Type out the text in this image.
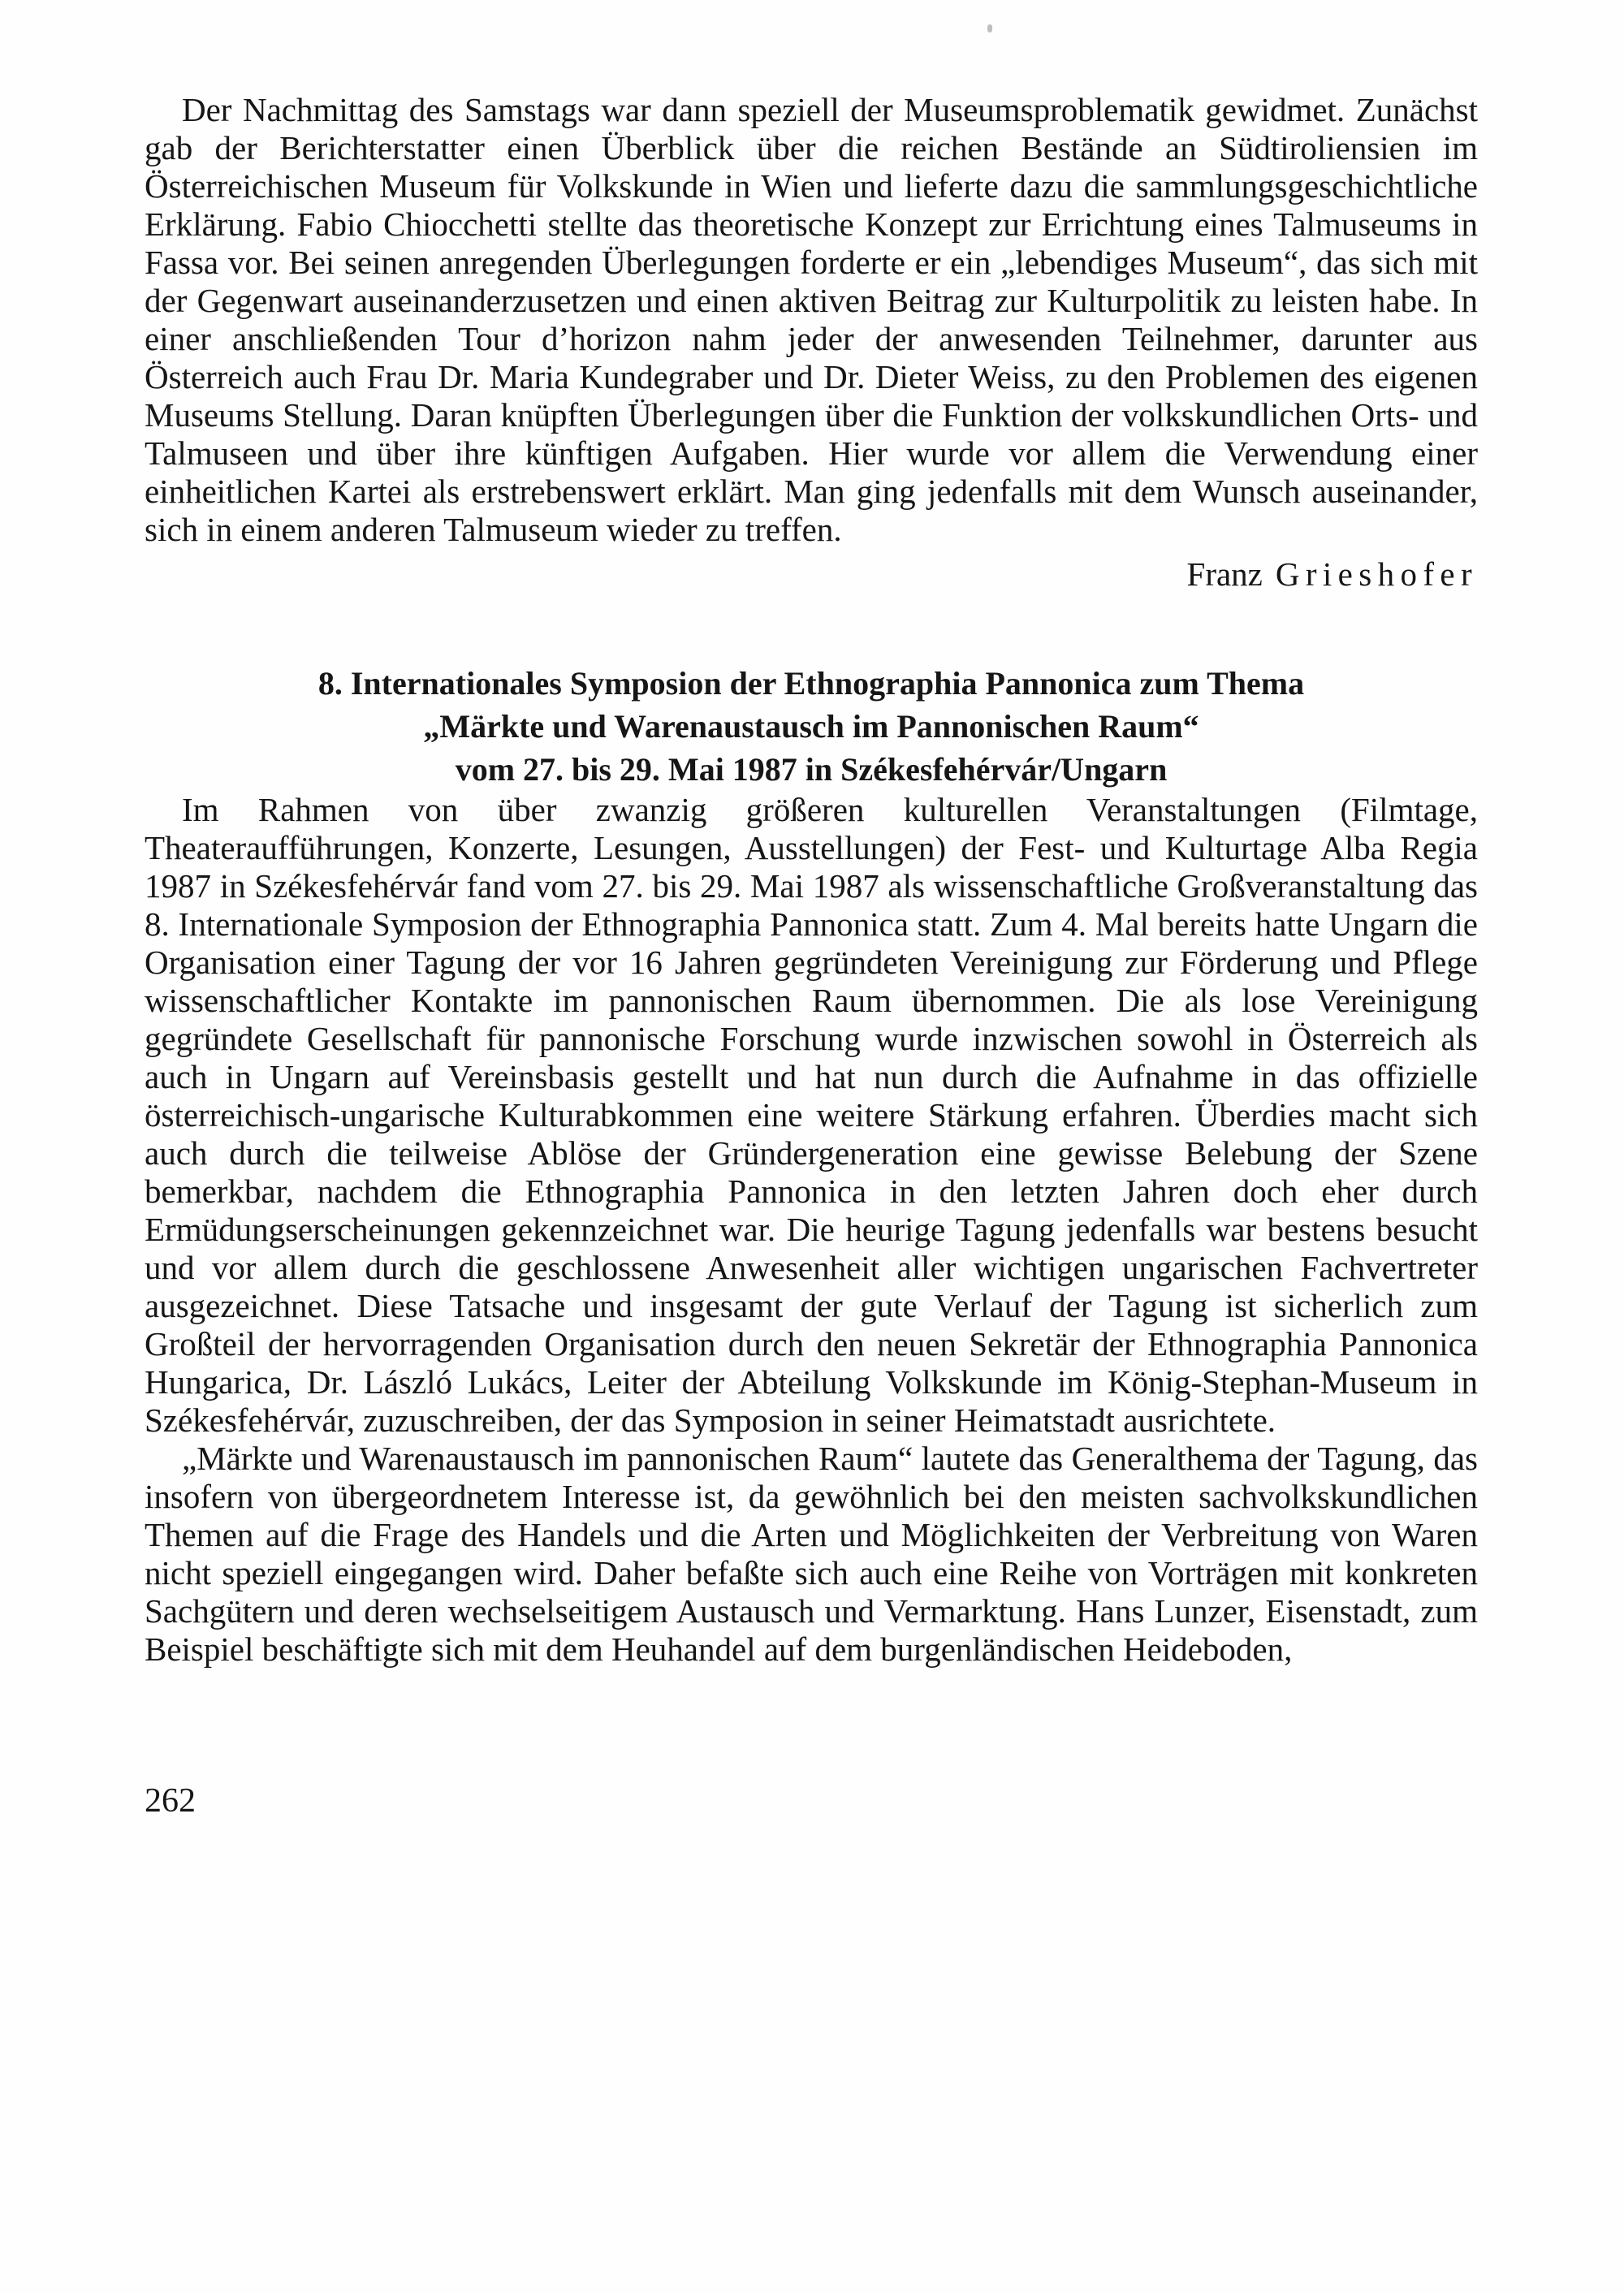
Der Nachmittag des Samstags war dann speziell der Museumsproblematik gewidmet. Zunächst gab der Berichterstatter einen Überblick über die reichen Bestände an Südtiroliensien im Österreichischen Museum für Volkskunde in Wien und lieferte dazu die sammlungsgeschichtliche Erklärung. Fabio Chiocchetti stellte das theoretische Konzept zur Errichtung eines Talmuseums in Fassa vor. Bei seinen anregenden Überlegungen forderte er ein „lebendiges Museum“, das sich mit der Gegenwart auseinanderzusetzen und einen aktiven Beitrag zur Kulturpolitik zu leisten habe. In einer anschließenden Tour d’horizon nahm jeder der anwesenden Teilnehmer, darunter aus Österreich auch Frau Dr. Maria Kundegraber und Dr. Dieter Weiss, zu den Problemen des eigenen Museums Stellung. Daran knüpften Überlegungen über die Funktion der volkskundlichen Orts- und Talmuseen und über ihre künftigen Aufgaben. Hier wurde vor allem die Verwendung einer einheitlichen Kartei als erstrebenswert erklärt. Man ging jedenfalls mit dem Wunsch auseinander, sich in einem anderen Talmuseum wieder zu treffen.

Franz Grieshofer
8. Internationales Symposion der Ethnographia Pannonica zum Thema
„Märkte und Warenaustausch im Pannonischen Raum“
vom 27. bis 29. Mai 1987 in Székesfehérvár/Ungarn

Im Rahmen von über zwanzig größeren kulturellen Veranstaltungen (Filmtage, Theateraufführungen, Konzerte, Lesungen, Ausstellungen) der Fest- und Kulturtage Alba Regia 1987 in Székesfehérvár fand vom 27. bis 29. Mai 1987 als wissenschaftliche Großveranstaltung das 8. Internationale Symposion der Ethnographia Pannonica statt. Zum 4. Mal bereits hatte Ungarn die Organisation einer Tagung der vor 16 Jahren gegründeten Vereinigung zur Förderung und Pflege wissenschaftlicher Kontakte im pannonischen Raum übernommen. Die als lose Vereinigung gegründete Gesellschaft für pannonische Forschung wurde inzwischen sowohl in Österreich als auch in Ungarn auf Vereinsbasis gestellt und hat nun durch die Aufnahme in das offizielle österreichisch-ungarische Kulturabkommen eine weitere Stärkung erfahren. Überdies macht sich auch durch die teilweise Ablöse der Gründergeneration eine gewisse Belebung der Szene bemerkbar, nachdem die Ethnographia Pannonica in den letzten Jahren doch eher durch Ermüdungserscheinungen gekennzeichnet war. Die heurige Tagung jedenfalls war bestens besucht und vor allem durch die geschlossene Anwesenheit aller wichtigen ungarischen Fachvertreter ausgezeichnet. Diese Tatsache und insgesamt der gute Verlauf der Tagung ist sicherlich zum Großteil der hervorragenden Organisation durch den neuen Sekretär der Ethnographia Pannonica Hungarica, Dr. László Lukács, Leiter der Abteilung Volkskunde im König-Stephan-Museum in Székesfehérvár, zuzuschreiben, der das Symposion in seiner Heimatstadt ausrichtete.

„Märkte und Warenaustausch im pannonischen Raum“ lautete das Generalthema der Tagung, das insofern von übergeordnetem Interesse ist, da gewöhnlich bei den meisten sachvolkskundlichen Themen auf die Frage des Handels und die Arten und Möglichkeiten der Verbreitung von Waren nicht speziell eingegangen wird. Daher befaßte sich auch eine Reihe von Vorträgen mit konkreten Sachgütern und deren wechselseitigem Austausch und Vermarktung. Hans Lunzer, Eisenstadt, zum Beispiel beschäftigte sich mit dem Heuhandel auf dem burgenländischen Heideboden,

262
